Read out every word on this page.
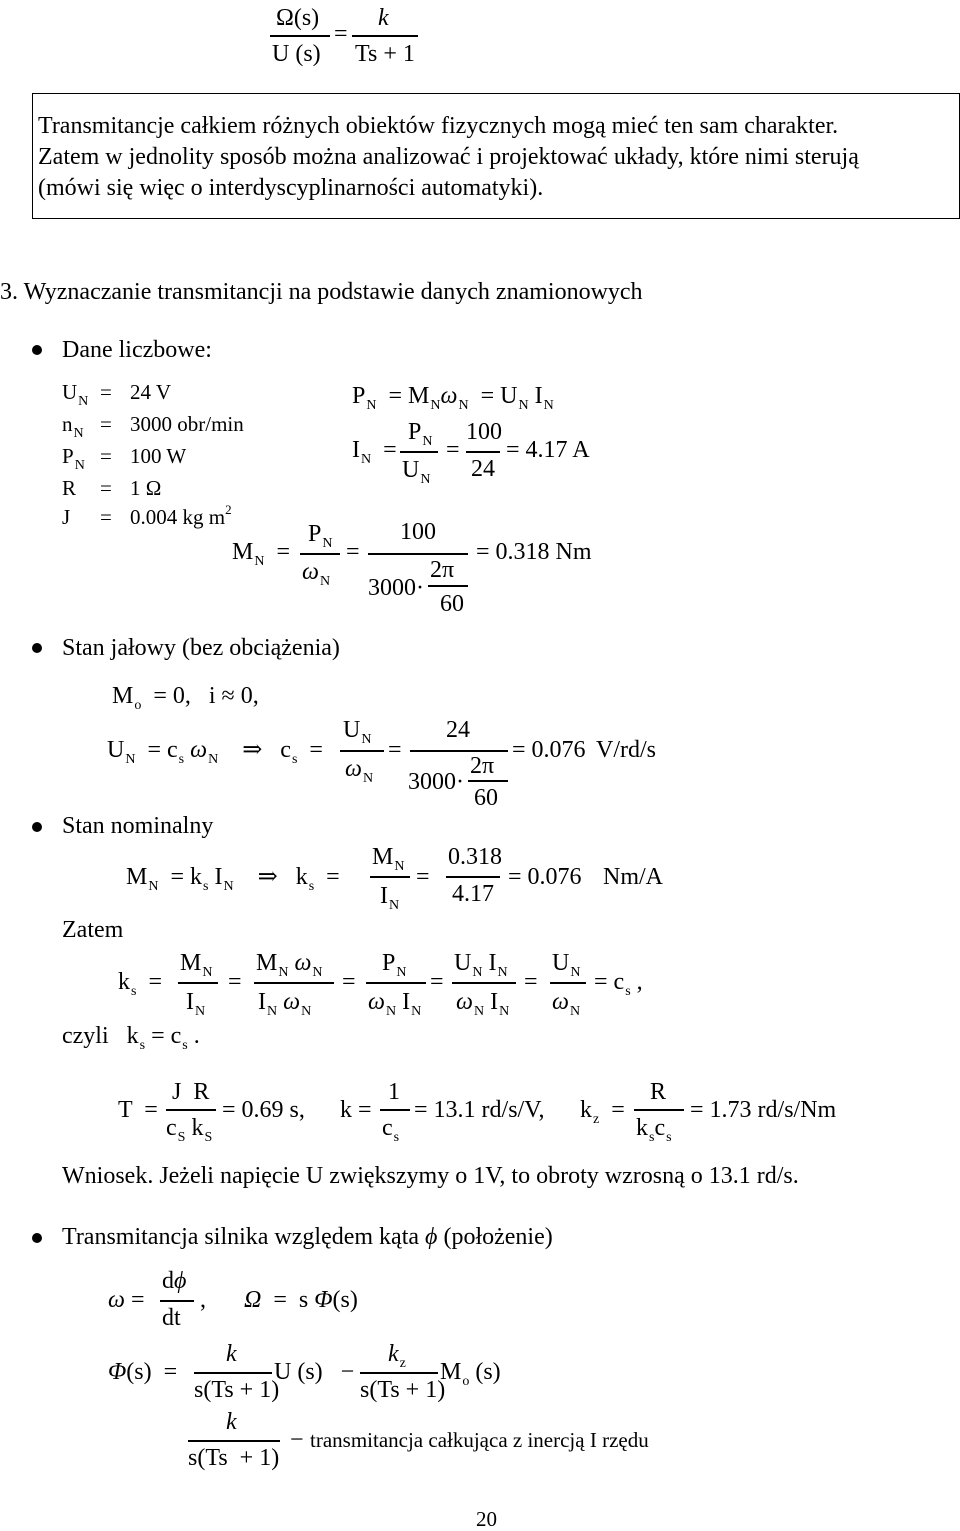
Ω(s)
U (s)
=
k
Ts + 1
Transmitancje całkiem różnych obiektów fizycznych mogą mieć ten sam charakter.
Zatem w jednolity sposób można analizować i projektować układy, które nimi sterują
(mówi się więc o interdyscyplinarności automatyki).
3. Wyznaczanie transmitancji na podstawie danych znamionowych
Dane liczbowe:
$U_N = 24$ V
$n_N = 3000$ obr/min
$P_N = 100$ W
R = 1 Ω
J = 0.004 kg $m^2$
$P_N = M_N\omega_N = U_N$ $I_N$
$I_N$  =
$P_N$
$U_N$
=
100
24
= 4.17 A
$M_N$  =
$P_N$
$\omega_N$
=
100
2π
3000·
60
= 0.318 Nm
Stan jałowy (bez obciążenia)
$M_o = 0$,   i ≈ 0,
$U_N = c_s$ $\omega_N$    ⇒   $c_s$  =
$U_N$
$\omega_N$
=
24
2π
3000·
60
= 0.076 V/rd/s
Stan nominalny
$M_N = k_s$ $I_N$    ⇒   $k_s$  =
$M_N$
$I_N$
=
0.318
4.17
= 0.076 Nm/A
Zatem
$k_s$  =
$M_N$
$I_N$
=
$M_N$ $\omega_N$
$I_N$ $\omega_N$
=
$P_N$
$\omega_N$ $I_N$
=
$U_N$ $I_N$
$\omega_N$ $I_N$
=
$U_N$
$\omega_N$
= $c_s$ ,
czyli   $k_s = c_s$ .
T  =
J  R
$c_S$ $k_S$
= 0.69 s, k =
1
$c_s$
= 13.1 rd/s/V, $k_z$  =
R
$k_sc_s$
= 1.73 rd/s/Nm
Wniosek. Jeżeli napięcie U zwiększymy o 1V, to obroty wzrosną o 13.1 rd/s.
Transmitancja silnika względem kąta ϕ (położenie)
ω =
dϕ
dt
, Ω  =  s Φ(s)
Φ(s)  =
k
s(Ts + 1)
U (s)   −
$k_z$
s(Ts + 1)
$M_o$ (s)
k
s(Ts  + 1)
− transmitancja całkująca z inercją I rzędu
20
